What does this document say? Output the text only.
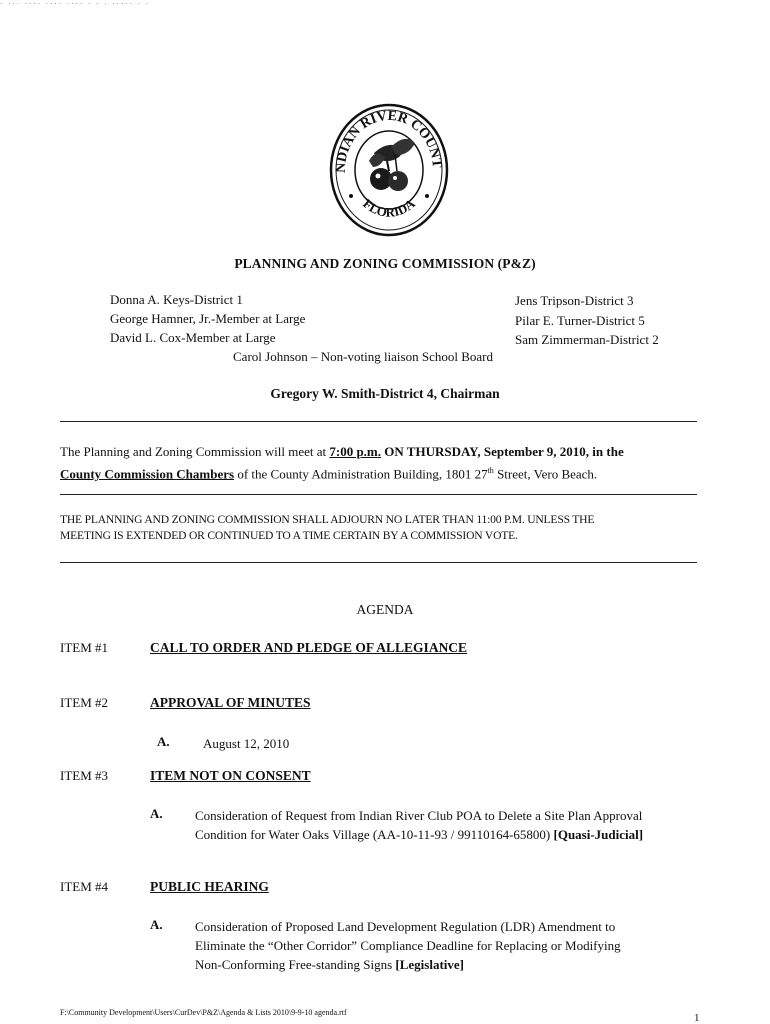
· ··· ···· ···· ···· · · · ····· · ·
NDIAN RIVER COUNT
FLORIDA
PLANNING AND ZONING COMMISSION (P&Z)
Donna A. Keys-District 1
George Hamner, Jr.-Member at Large
David L. Cox-Member at Large
Jens Tripson-District 3
Pilar E. Turner-District 5
Sam Zimmerman-District 2
Carol Johnson – Non-voting liaison School Board
Gregory W. Smith-District 4, Chairman
The Planning and Zoning Commission will meet at 7:00 p.m. ON THURSDAY, September 9, 2010, in the
County Commission Chambers of the County Administration Building, 1801 27th Street, Vero Beach.
THE PLANNING AND ZONING COMMISSION SHALL ADJOURN NO LATER THAN 11:00 P.M. UNLESS THE
MEETING IS EXTENDED OR CONTINUED TO A TIME CERTAIN BY A COMMISSION VOTE.
AGENDA
ITEM #1	CALL TO ORDER AND PLEDGE OF ALLEGIANCE
ITEM #2	APPROVAL OF MINUTES
A.	August 12, 2010
ITEM #3	ITEM NOT ON CONSENT
A. Consideration of Request from Indian River Club POA to Delete a Site Plan Approval
Condition for Water Oaks Village (AA-10-11-93 / 99110164-65800) [Quasi-Judicial]
ITEM #4	PUBLIC HEARING
A. Consideration of Proposed Land Development Regulation (LDR) Amendment to
Eliminate the “Other Corridor” Compliance Deadline for Replacing or Modifying
Non-Conforming Free-standing Signs [Legislative]
F:\Community Development\Users\CurDev\P&Z\Agenda & Lists 2010\9-9-10 agenda.rtf	1
